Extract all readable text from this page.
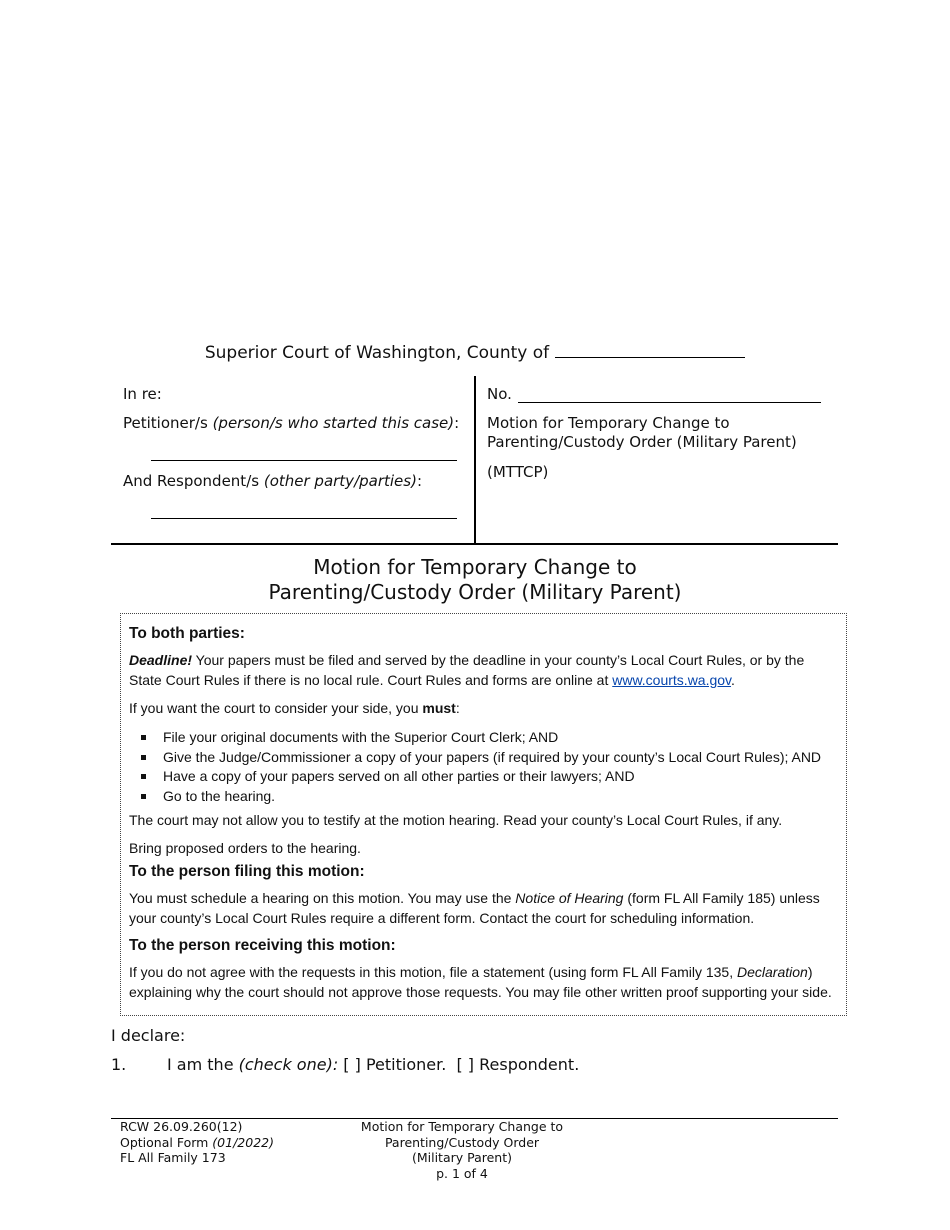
Superior Court of Washington, County of
In re:
Petitioner/s (person/s who started this case):
And Respondent/s (other party/parties):
No.
Motion for Temporary Change to
Parenting/Custody Order (Military Parent)
(MTTCP)
Motion for Temporary Change to
Parenting/Custody Order (Military Parent)
To both parties:

Deadline! Your papers must be filed and served by the deadline in your county’s Local Court Rules, or by the State Court Rules if there is no local rule. Court Rules and forms are online at www.courts.wa.gov.

If you want the court to consider your side, you must:

File your original documents with the Superior Court Clerk; AND
Give the Judge/Commissioner a copy of your papers (if required by your county’s Local Court Rules); AND
Have a copy of your papers served on all other parties or their lawyers; AND
Go to the hearing.

The court may not allow you to testify at the motion hearing. Read your county’s Local Court Rules, if any.

Bring proposed orders to the hearing.

To the person filing this motion:

You must schedule a hearing on this motion. You may use the Notice of Hearing (form FL All Family 185) unless your county’s Local Court Rules require a different form. Contact the court for scheduling information.

To the person receiving this motion:

If you do not agree with the requests in this motion, file a statement (using form FL All Family 135, Declaration) explaining why the court should not approve those requests. You may file other written proof supporting your side.

I declare:
1.	I am the (check one): [ ] Petitioner. [ ] Respondent.
RCW 26.09.260(12)
Optional Form (01/2022)
FL All Family 173
Motion for Temporary Change to
Parenting/Custody Order
(Military Parent)
p. 1 of 4
